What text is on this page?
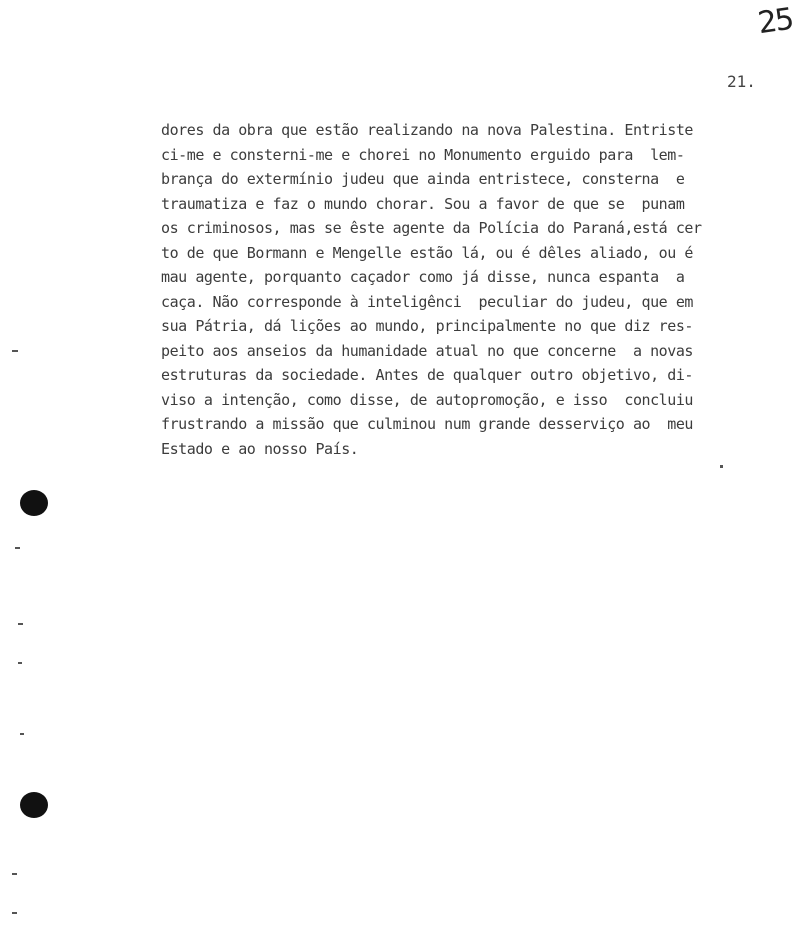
25
21.
dores da obra que estão realizando na nova Palestina. Entriste
ci-me e consterni-me e chorei no Monumento erguido para  lem-
brança do extermínio judeu que ainda entristece, consterna  e
traumatiza e faz o mundo chorar. Sou a favor de que se  punam
os criminosos, mas se êste agente da Polícia do Paraná,está cer
to de que Bormann e Mengelle estão lá, ou é dêles aliado, ou é
mau agente, porquanto caçador como já disse, nunca espanta  a
caça. Não corresponde à inteligênci  peculiar do judeu, que em
sua Pátria, dá lições ao mundo, principalmente no que diz res-
peito aos anseios da humanidade atual no que concerne  a novas
estruturas da sociedade. Antes de qualquer outro objetivo, di-
viso a intenção, como disse, de autopromoção, e isso  concluiu
frustrando a missão que culminou num grande desserviço ao  meu
Estado e ao nosso País.
